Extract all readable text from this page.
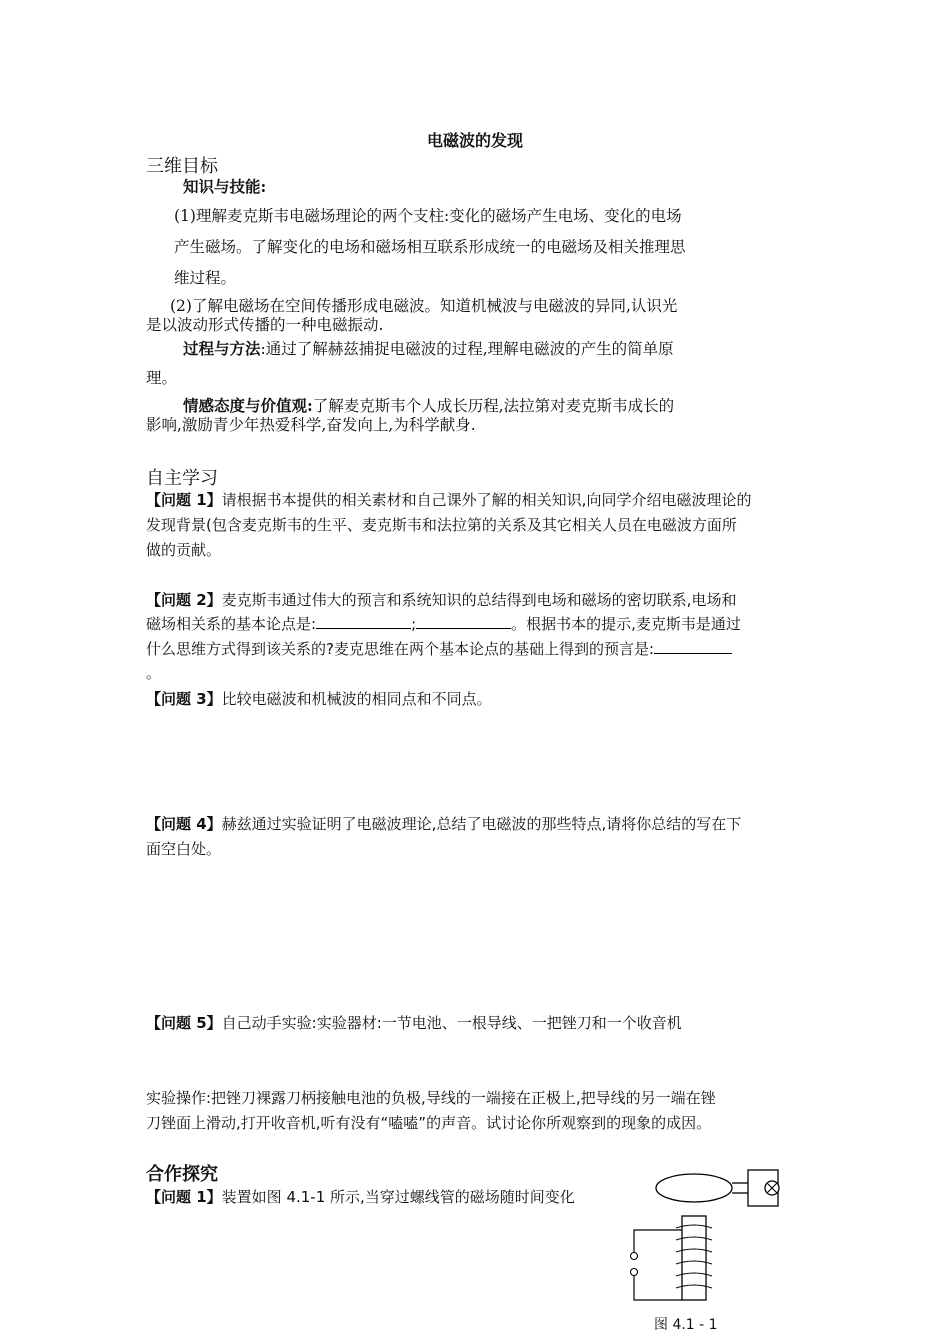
电磁波的发现
三维目标
知识与技能:
(1)理解麦克斯韦电磁场理论的两个支柱:变化的磁场产生电场、变化的电场
产生磁场。了解变化的电场和磁场相互联系形成统一的电磁场及相关推理思
维过程。
(2)了解电磁场在空间传播形成电磁波。知道机械波与电磁波的异同,认识光
是以波动形式传播的一种电磁振动.
过程与方法:通过了解赫兹捕捉电磁波的过程,理解电磁波的产生的简单原
理。
情感态度与价值观:了解麦克斯韦个人成长历程,法拉第对麦克斯韦成长的
影响,激励青少年热爱科学,奋发向上,为科学献身.
自主学习
【问题 1】请根据书本提供的相关素材和自己课外了解的相关知识,向同学介绍电磁波理论的
发现背景(包含麦克斯韦的生平、麦克斯韦和法拉第的关系及其它相关人员在电磁波方面所
做的贡献。
【问题 2】麦克斯韦通过伟大的预言和系统知识的总结得到电场和磁场的密切联系,电场和
磁场相关系的基本论点是:	;	。根据书本的提示,麦克斯韦是通过
什么思维方式得到该关系的?麦克思维在两个基本论点的基础上得到的预言是:
。
【问题 3】比较电磁波和机械波的相同点和不同点。
【问题 4】赫兹通过实验证明了电磁波理论,总结了电磁波的那些特点,请将你总结的写在下
面空白处。
【问题 5】自己动手实验:实验器材:一节电池、一根导线、一把锉刀和一个收音机
实验操作:把锉刀裸露刀柄接触电池的负极,导线的一端接在正极上,把导线的另一端在锉
刀锉面上滑动,打开收音机,听有没有“嗑嗑”的声音。试讨论你所观察到的现象的成因。
合作探究
【问题 1】装置如图 4.1-1 所示,当穿过螺线管的磁场随时间变化
图 4.1 - 1
